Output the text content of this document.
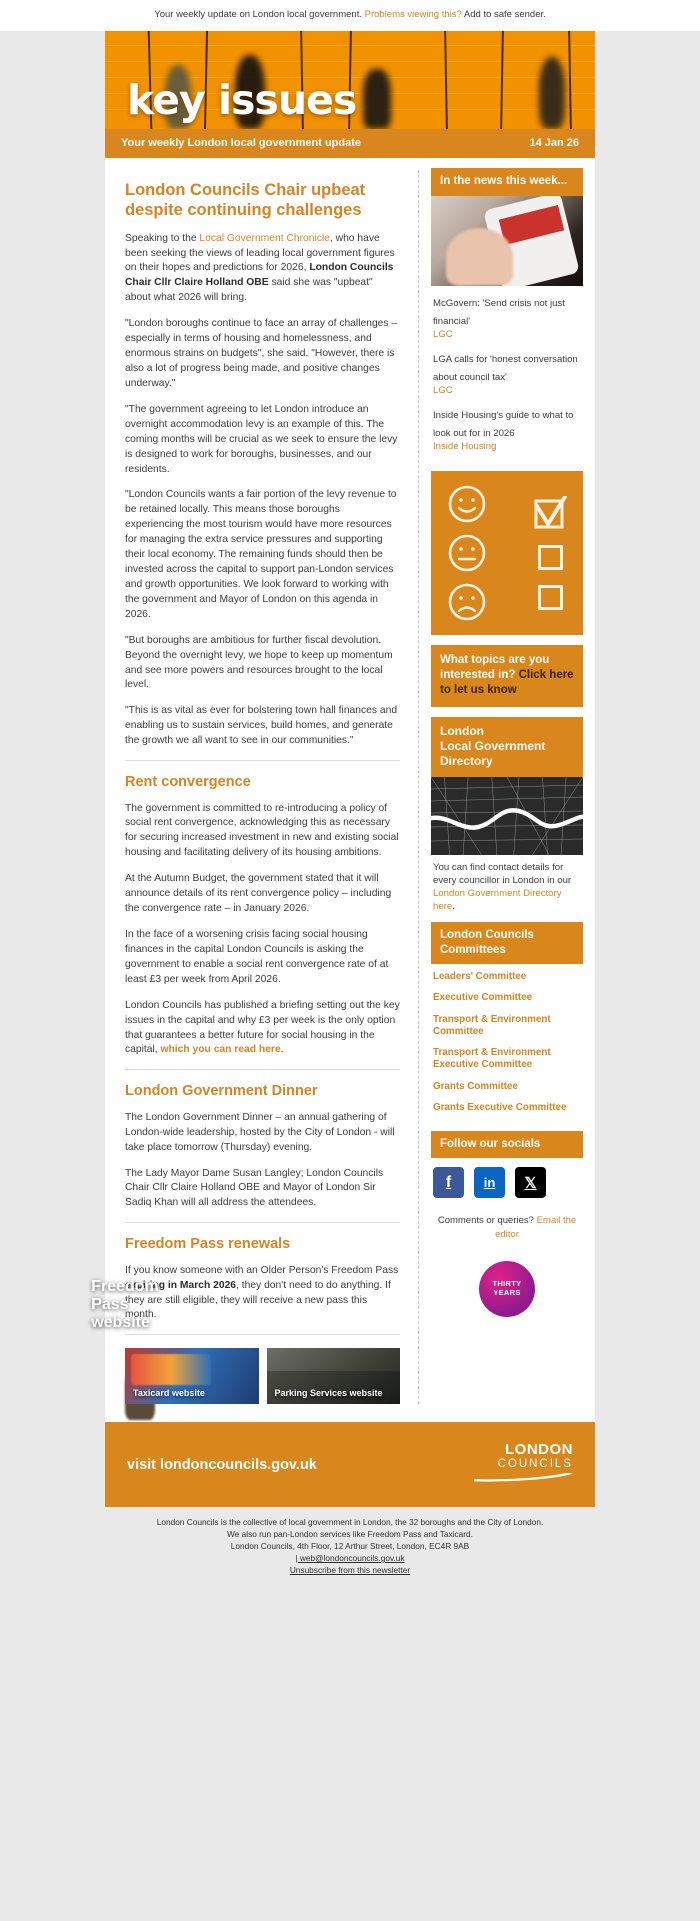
Your weekly update on London local government. Problems viewing this? Add to safe sender.
key issues
Your weekly London local government update	14 Jan 26
London Councils Chair upbeat despite continuing challenges

Speaking to the Local Government Chronicle, who have been seeking the views of leading local government figures on their hopes and predictions for 2026, London Councils Chair Cllr Claire Holland OBE said she was "upbeat" about what 2026 will bring.

"London boroughs continue to face an array of challenges – especially in terms of housing and homelessness, and enormous strains on budgets", she said. "However, there is also a lot of progress being made, and positive changes underway."

"The government agreeing to let London introduce an overnight accommodation levy is an example of this. The coming months will be crucial as we seek to ensure the levy is designed to work for boroughs, businesses, and our residents.

"London Councils wants a fair portion of the levy revenue to be retained locally. This means those boroughs experiencing the most tourism would have more resources for managing the extra service pressures and supporting their local economy. The remaining funds should then be invested across the capital to support pan-London services and growth opportunities. We look forward to working with the government and Mayor of London on this agenda in 2026.

"But boroughs are ambitious for further fiscal devolution. Beyond the overnight levy, we hope to keep up momentum and see more powers and resources brought to the local level.

"This is as vital as ever for bolstering town hall finances and enabling us to sustain services, build homes, and generate the growth we all want to see in our communities."

Rent convergence

The government is committed to re-introducing a policy of social rent convergence, acknowledging this as necessary for securing increased investment in new and existing social housing and facilitating delivery of its housing ambitions.

At the Autumn Budget, the government stated that it will announce details of its rent convergence policy – including the convergence rate – in January 2026.

In the face of a worsening crisis facing social housing finances in the capital London Councils is asking the government to enable a social rent convergence rate of at least £3 per week from April 2026.

London Councils has published a briefing setting out the key issues in the capital and why £3 per week is the only option that guarantees a better future for social housing in the capital, which you can read here.

London Government Dinner

The London Government Dinner – an annual gathering of London-wide leadership, hosted by the City of London - will take place tomorrow (Thursday) evening.

The Lady Mayor Dame Susan Langley; London Councils Chair Cllr Claire Holland OBE and Mayor of London Sir Sadiq Khan will all address the attendees.

Freedom Pass renewals

If you know someone with an Older Person's Freedom Pass expiring in March 2026, they don't need to do anything. If they are still eligible, they will receive a new pass this month.

Taxicard website	Parking Services website
In the news this week...
McGovern: 'Send crisis not just financial'
LGC
LGA calls for 'honest conversation about council tax'
LGC
Inside Housing's guide to what to look out for in 2026
Inside Housing
What topics are you interested in? Click here to let us know
London
Local Government
Directory
You can find contact details for every councillor in London in our London Government Directory here.
London Councils
Committees
Leaders' Committee
Executive Committee
Transport & Environment Committee
Transport & Environment Executive Committee
Grants Committee
Grants Executive Committee
Follow our socials
f	in 𝕏
Comments or queries? Email the editor
THIRTY
YEARS
visit londoncouncils.gov.uk
LONDON
COUNCILS
London Councils is the collective of local government in London, the 32 boroughs and the City of London.
We also run pan-London services like Freedom Pass and Taxicard.
London Councils, 4th Floor, 12 Arthur Street, London, EC4R 9AB
| web@londoncouncils.gov.uk
Unsubscribe from this newsletter
